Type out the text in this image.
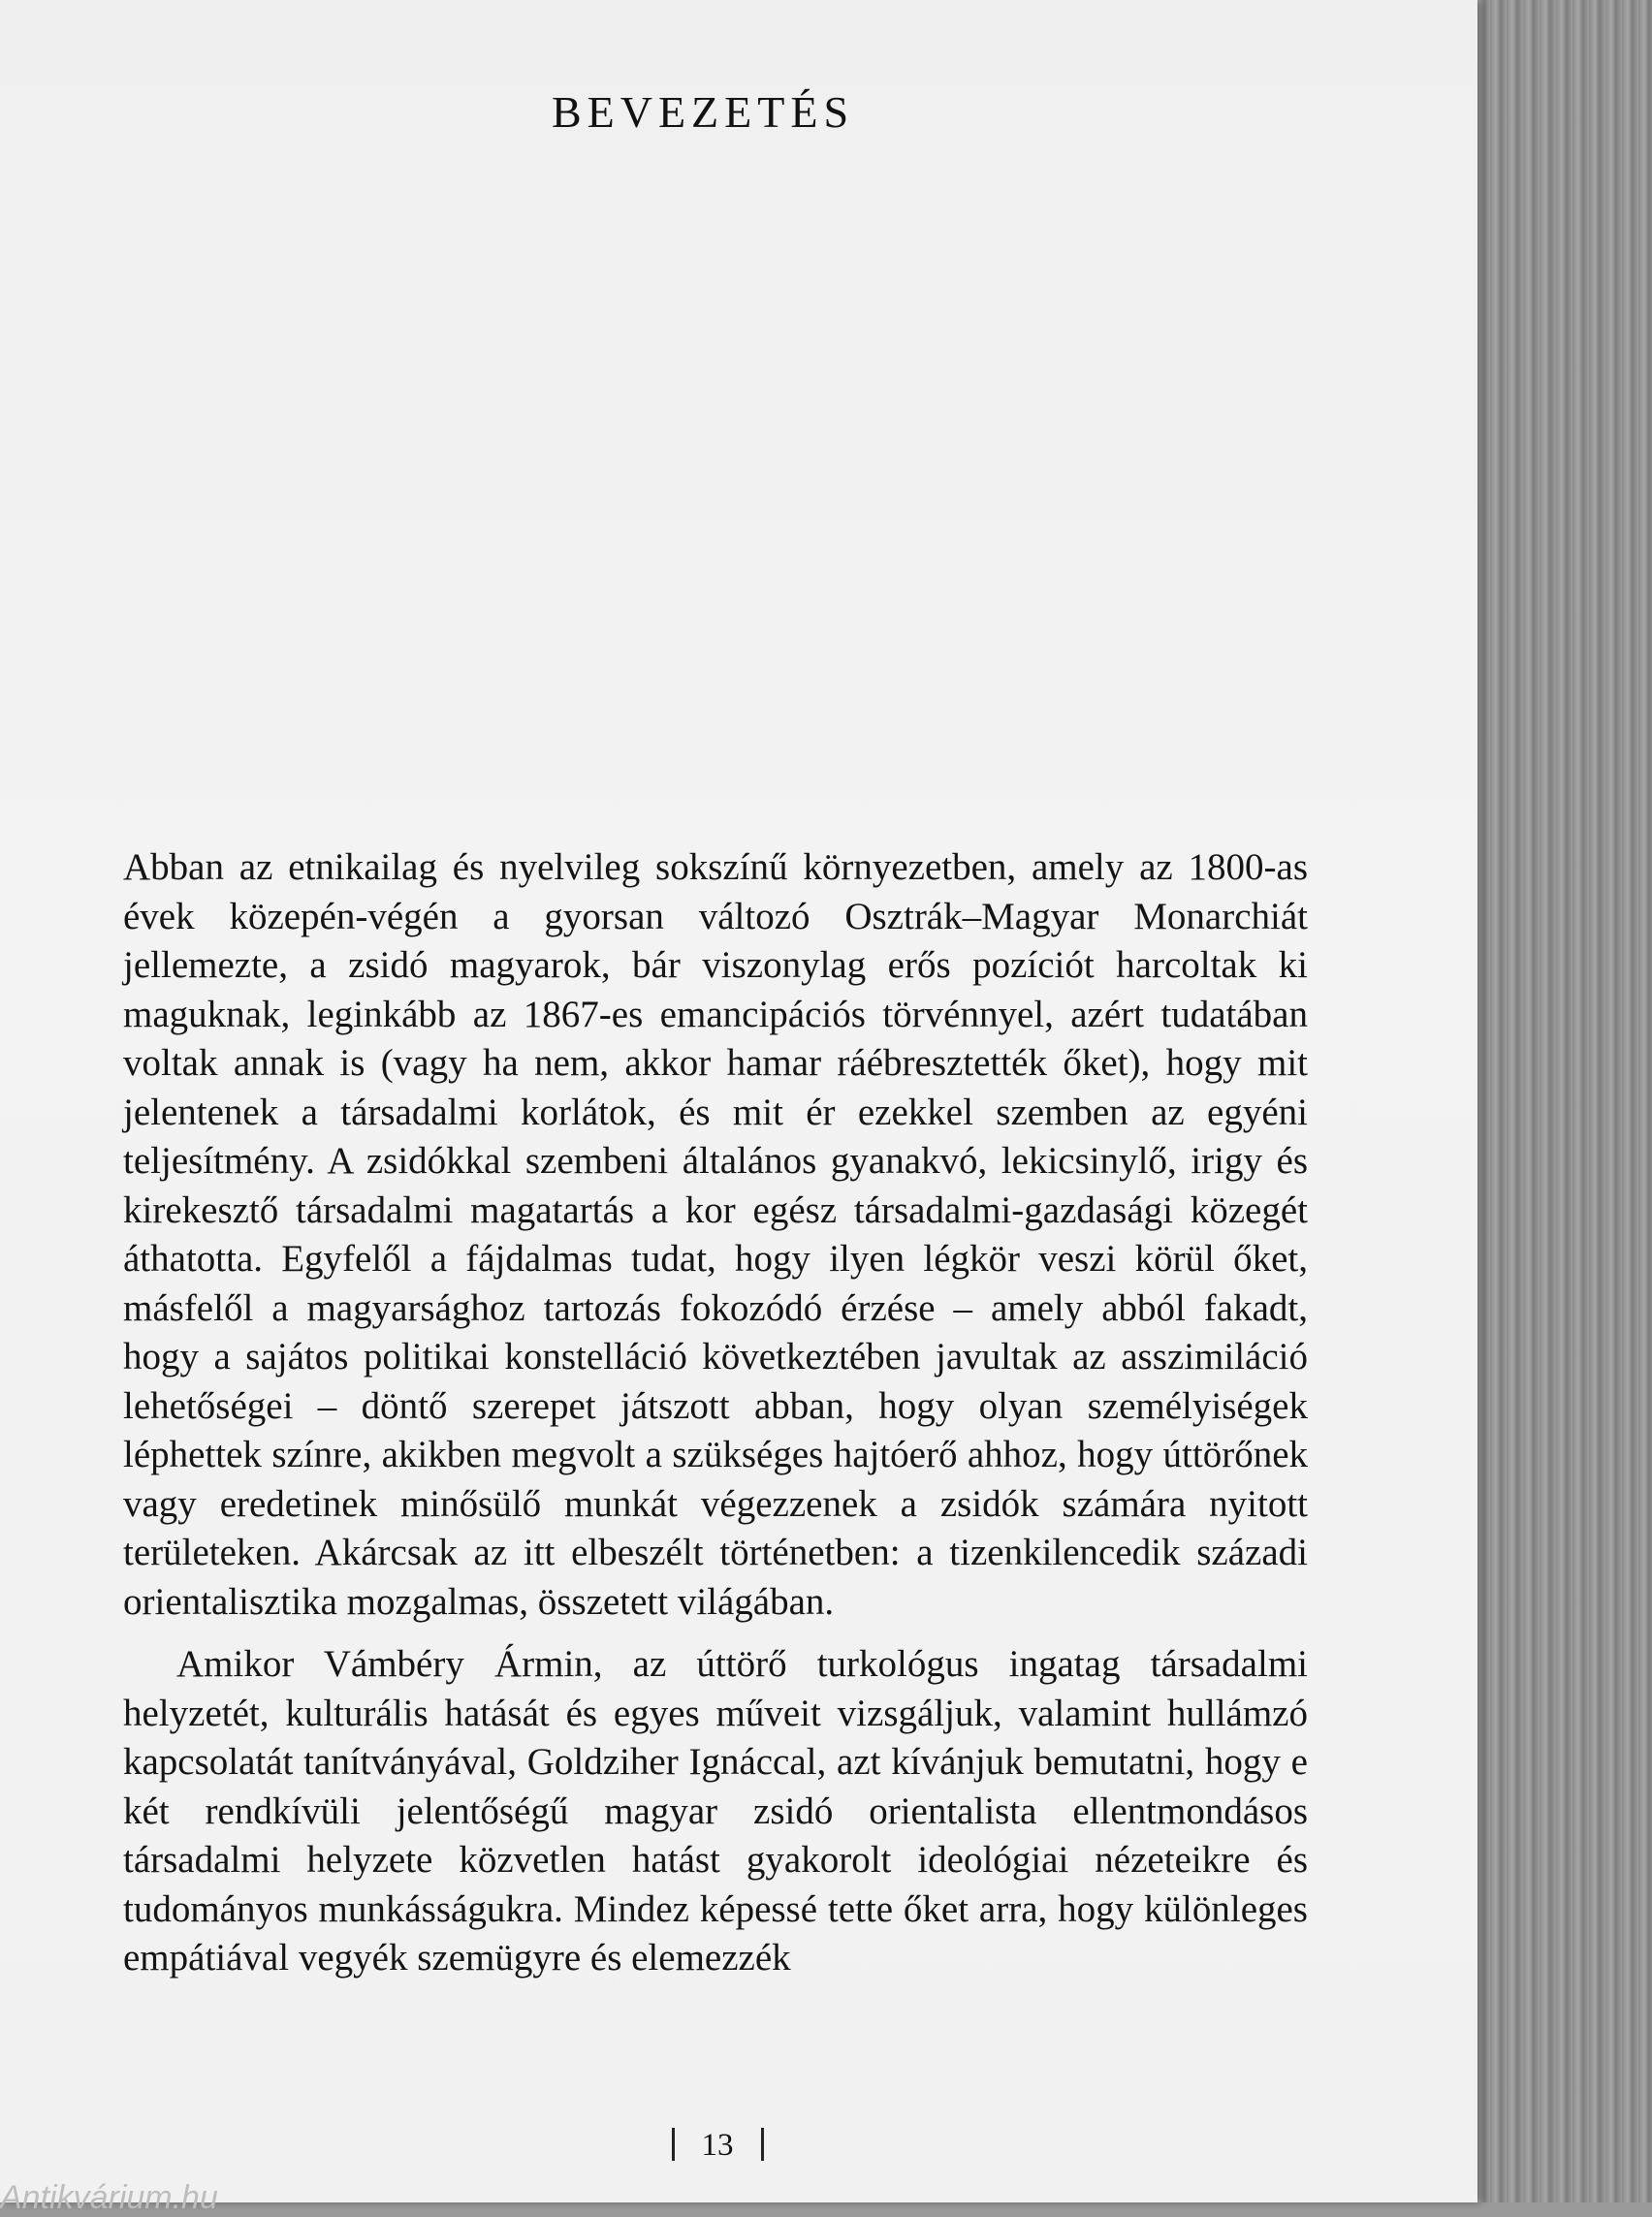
BEVEZETÉS

Abban az etnikailag és nyelvileg sokszínű környezetben, amely az 1800-as évek közepén-végén a gyorsan változó Osztrák–Magyar Monarchiát jellemezte, a zsidó magyarok, bár viszonylag erős pozíciót harcoltak ki maguknak, leginkább az 1867-es emancipációs törvénnyel, azért tudatában voltak annak is (vagy ha nem, akkor hamar ráébresztették őket), hogy mit jelentenek a társadalmi korlátok, és mit ér ezekkel szemben az egyéni teljesítmény. A zsidókkal szembeni általános gyanakvó, lekicsinylő, irigy és kirekesztő társadalmi magatartás a kor egész társadalmi-gazdasági közegét áthatotta. Egyfelől a fájdalmas tudat, hogy ilyen légkör veszi körül őket, másfelől a magyarsághoz tartozás fokozódó érzése – amely abból fakadt, hogy a sajátos politikai konstelláció következtében javultak az asszimiláció lehetőségei – döntő szerepet játszott abban, hogy olyan személyiségek léphettek színre, akikben megvolt a szükséges hajtóerő ahhoz, hogy úttörőnek vagy eredetinek minősülő munkát végezzenek a zsidók számára nyitott területeken. Akárcsak az itt elbeszélt történetben: a tizenkilencedik századi orientalisztika mozgalmas, összetett világában.

Amikor Vámbéry Ármin, az úttörő turkológus ingatag társadalmi helyzetét, kulturális hatását és egyes műveit vizsgáljuk, valamint hullámzó kapcsolatát tanítványával, Goldziher Ignáccal, azt kívánjuk bemutatni, hogy e két rendkívüli jelentőségű magyar zsidó orientalista ellentmondásos társadalmi helyzete közvetlen hatást gyakorolt ideológiai nézeteikre és tudományos munkásságukra. Mindez képessé tette őket arra, hogy különleges empátiával vegyék szemügyre és elemezzék

13
Antikvárium.hu
